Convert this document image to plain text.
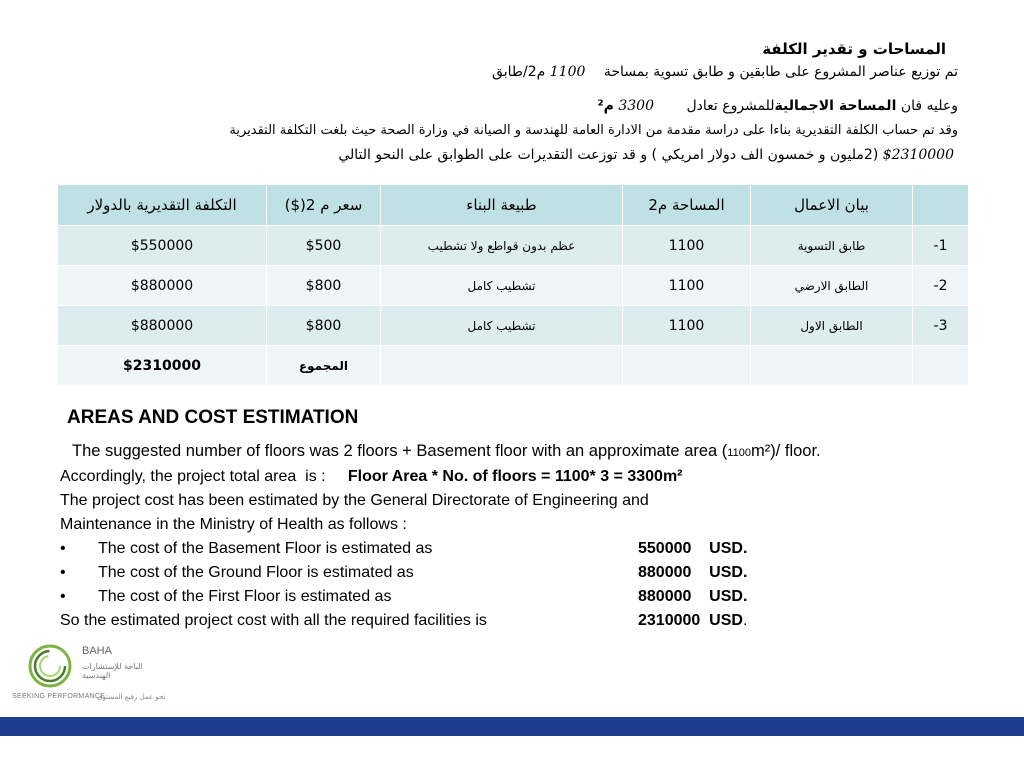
المساحات و تقدير الكلفة
تم توزيع عناصر المشروع على طابقين و طابق تسوية بمساحة 1100 م2/طابق
وعليه فان المساحة الاجماليةللمشروع تعادل 3300 م²
وقد تم حساب الكلفة التقديرية بناءا على دراسة مقدمة من الادارة العامة للهندسة و الصيانة في وزارة الصحة حيث بلغت التكلفة التقديرية
$2310000 (2مليون و خمسون الف دولار امريكي ) و قد توزعت التقديرات على الطوابق على النحو التالي
	بيان الاعمال	المساحة م2	طبيعة البناء	سعر م 2($)	التكلفة التقديرية بالدولار
1-	طابق التسوية	1100	عظم بدون قواطع ولا تشطيب	$500	$550000
2-	الطابق الارضي	1100	تشطيب كامل	$800	$880000
3-	الطابق الاول	1100	تشطيب كامل	$800	$880000
				المجموع	$2310000
AREAS AND COST ESTIMATION
The suggested number of floors was 2 floors + Basement floor with an approximate area (1100m²)/ floor.
Accordingly, the project total area  is :     Floor Area * No. of floors = 1100* 3 = 3300m²
The project cost has been estimated by the General Directorate of Engineering and
Maintenance in the Ministry of Health as follows :
• The cost of the Basement Floor is estimated as	550000    USD.
• The cost of the Ground Floor is estimated as	880000    USD.
• The cost of the First Floor is estimated as	880000    USD.
So the estimated project cost with all the required facilities is	2310000  USD.
BAHA
الباحة للإستشارات الهندسية
SEEKING PERFORMANCE
نحو عمل رفيع المستوى
